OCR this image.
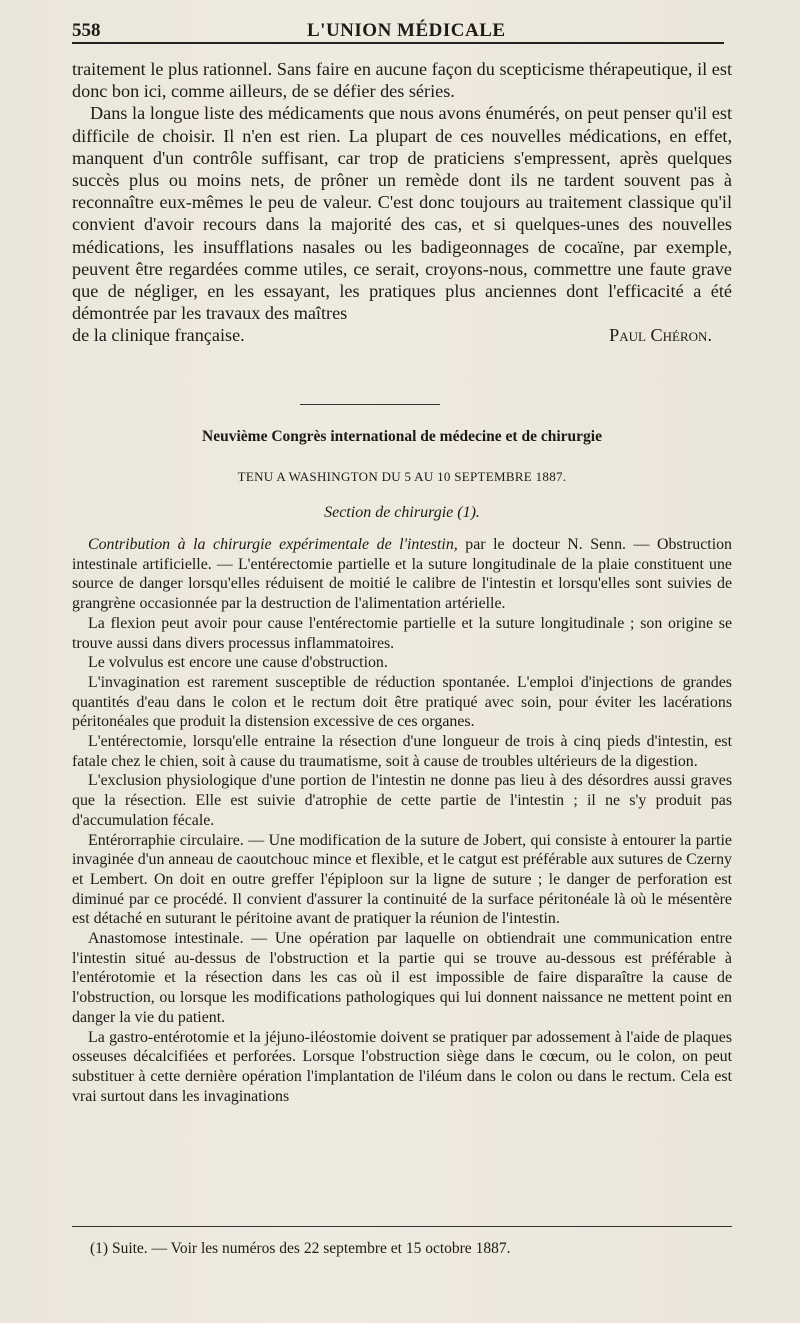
558	L'UNION MÉDICALE

traitement le plus rationnel. Sans faire en aucune façon du scepticisme thérapeutique, il est donc bon ici, comme ailleurs, de se défier des séries.

Dans la longue liste des médicaments que nous avons énumérés, on peut penser qu'il est difficile de choisir. Il n'en est rien. La plupart de ces nouvelles médications, en effet, manquent d'un contrôle suffisant, car trop de praticiens s'empressent, après quelques succès plus ou moins nets, de prôner un remède dont ils ne tardent souvent pas à reconnaître eux-mêmes le peu de valeur. C'est donc toujours au traitement classique qu'il convient d'avoir recours dans la majorité des cas, et si quelques-unes des nouvelles médications, les insufflations nasales ou les badigeonnages de cocaïne, par exemple, peuvent être regardées comme utiles, ce serait, croyons-nous, commettre une faute grave que de négliger, en les essayant, les pratiques plus anciennes dont l'efficacité a été démontrée par les travaux des maîtres

de la clinique française.	Paul Chéron.
Neuvième Congrès international de médecine et de chirurgie
TENU A WASHINGTON DU 5 AU 10 SEPTEMBRE 1887.
Section de chirurgie (1).

Contribution à la chirurgie expérimentale de l'intestin, par le docteur N. Senn. — Obstruction intestinale artificielle. — L'entérectomie partielle et la suture longitudinale de la plaie constituent une source de danger lorsqu'elles réduisent de moitié le calibre de l'intestin et lorsqu'elles sont suivies de grangrène occasionnée par la destruction de l'alimentation artérielle.

La flexion peut avoir pour cause l'entérectomie partielle et la suture longitudinale ; son origine se trouve aussi dans divers processus inflammatoires.

Le volvulus est encore une cause d'obstruction.

L'invagination est rarement susceptible de réduction spontanée. L'emploi d'injections de grandes quantités d'eau dans le colon et le rectum doit être pratiqué avec soin, pour éviter les lacérations péritonéales que produit la distension excessive de ces organes.

L'entérectomie, lorsqu'elle entraine la résection d'une longueur de trois à cinq pieds d'intestin, est fatale chez le chien, soit à cause du traumatisme, soit à cause de troubles ultérieurs de la digestion.

L'exclusion physiologique d'une portion de l'intestin ne donne pas lieu à des désordres aussi graves que la résection. Elle est suivie d'atrophie de cette partie de l'intestin ; il ne s'y produit pas d'accumulation fécale.

Entérorraphie circulaire. — Une modification de la suture de Jobert, qui consiste à entourer la partie invaginée d'un anneau de caoutchouc mince et flexible, et le catgut est préférable aux sutures de Czerny et Lembert. On doit en outre greffer l'épiploon sur la ligne de suture ; le danger de perforation est diminué par ce procédé. Il convient d'assurer la continuité de la surface péritonéale là où le mésentère est détaché en suturant le péritoine avant de pratiquer la réunion de l'intestin.

Anastomose intestinale. — Une opération par laquelle on obtiendrait une communication entre l'intestin situé au-dessus de l'obstruction et la partie qui se trouve au-dessous est préférable à l'entérotomie et la résection dans les cas où il est impossible de faire disparaître la cause de l'obstruction, ou lorsque les modifications pathologiques qui lui donnent naissance ne mettent point en danger la vie du patient.

La gastro-entérotomie et la jéjuno-iléostomie doivent se pratiquer par adossement à l'aide de plaques osseuses décalcifiées et perforées. Lorsque l'obstruction siège dans le cœcum, ou le colon, on peut substituer à cette dernière opération l'implantation de l'iléum dans le colon ou dans le rectum. Cela est vrai surtout dans les invaginations

(1) Suite. — Voir les numéros des 22 septembre et 15 octobre 1887.
